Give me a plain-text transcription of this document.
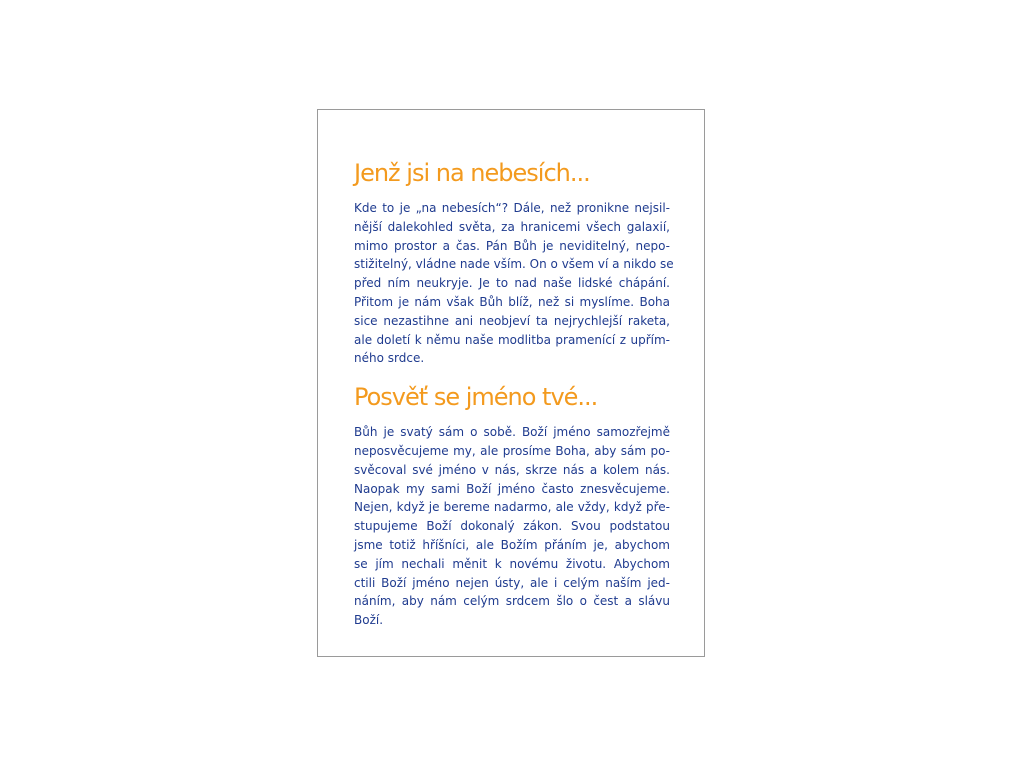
Jenž jsi na nebesích...

Kde to je „na nebesích“? Dále, než pronikne nejsil-
nější dalekohled světa, za hranicemi všech galaxií,
mimo prostor a čas. Pán Bůh je neviditelný, nepo-
stižitelný, vládne nade vším. On o všem ví a nikdo se
před ním neukryje. Je to nad naše lidské chápání.
Přitom je nám však Bůh blíž, než si myslíme. Boha
sice nezastihne ani neobjeví ta nejrychlejší raketa,
ale doletí k němu naše modlitba pramenící z upřím-
ného srdce.

Posvěť se jméno tvé...

Bůh je svatý sám o sobě. Boží jméno samozřejmě
neposvěcujeme my, ale prosíme Boha, aby sám po-
svěcoval své jméno v nás, skrze nás a kolem nás.
Naopak my sami Boží jméno často znesvěcujeme.
Nejen, když je bereme nadarmo, ale vždy, když pře-
stupujeme Boží dokonalý zákon. Svou podstatou
jsme totiž hříšníci, ale Božím přáním je, abychom
se jím nechali měnit k novému životu. Abychom
ctili Boží jméno nejen ústy, ale i celým naším jed-
náním, aby nám celým srdcem šlo o čest a slávu
Boží.
